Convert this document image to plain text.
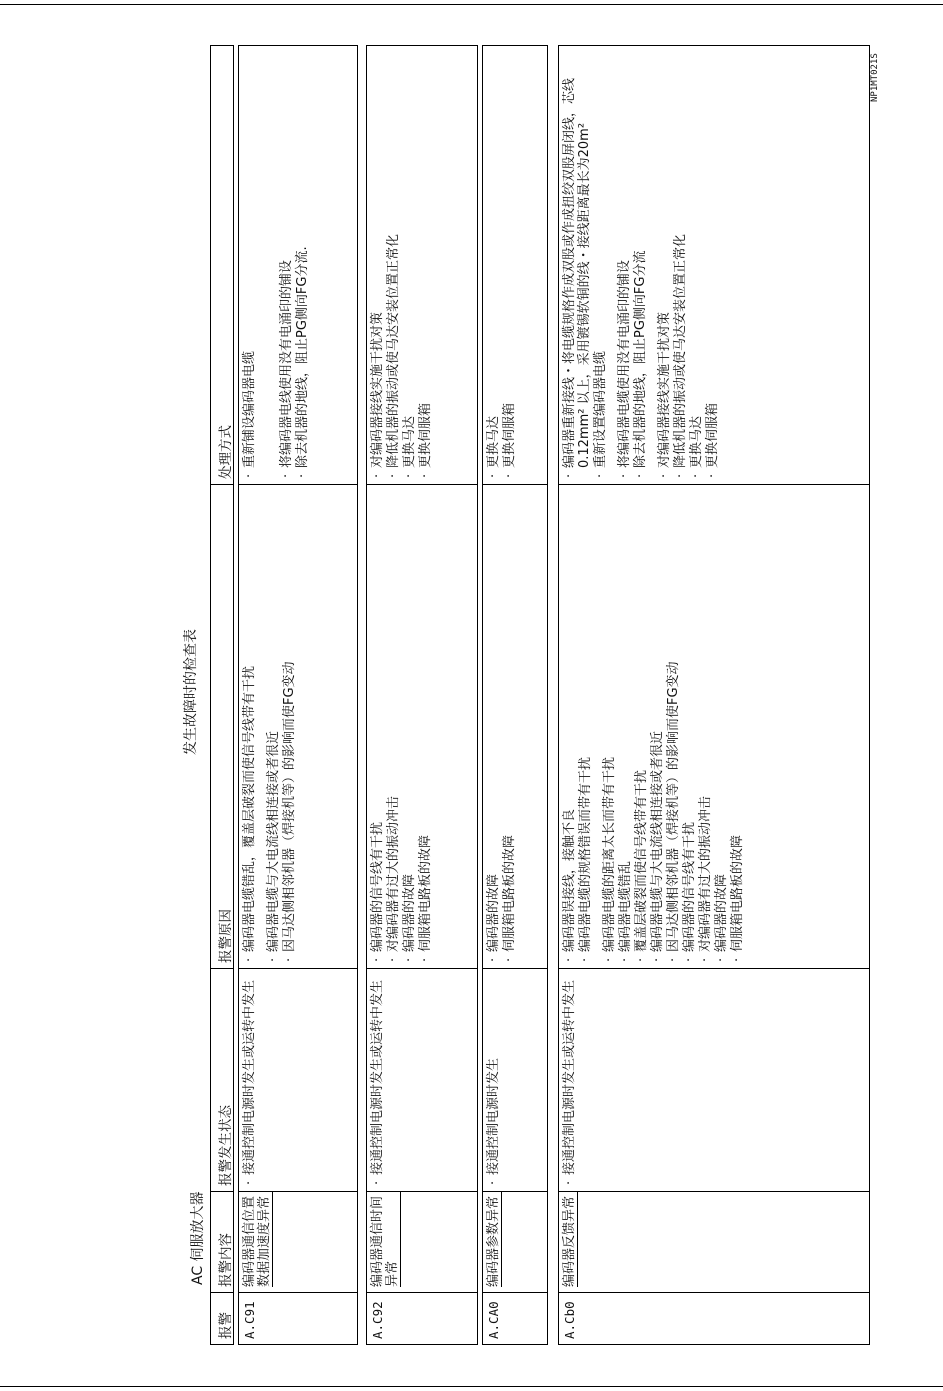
NP1MT021S
发生故障时的检查表
AC 伺服放大器
报警
报警内容
报警发生状态
报警原因
处理方式
A.C91
编码器通信位置数据加速度异常
· 接通控制电源时发生或运转中发生
· 编码器电缆错乱，覆盖层破裂而使信号线带有干扰 · 编码器电缆与大电流线相连接或者很近 · 因马达侧相邻机器（焊接机等）的影响而使FG变动
· 重新铺设编码器电缆 · 将编码器电线使用没有电涌印的铺设 · 除去机器的地线，阻止PG侧向FG分流.
A.C92
编码器通信时间异常
· 接通控制电源时发生或运转中发生
· 编码器的信号线有干扰 · 对编码器有过大的振动冲击 · 编码器的故障 · 伺服箱电路板的故障
· 对编码器接线实施干扰对策 · 降低机器的振动或使马达安装位置正常化 · 更换马达 · 更换伺服箱
A.CA0
编码器参数异常
· 接通控制电源时发生
· 编码器的故障 · 伺服箱电路板的故障
· 更换马达 · 更换伺服箱
A.Cb0
编码器反馈异常
· 接通控制电源时发生或运转中发生
· 编码器误接线，接触不良 · 编码器电缆的规格错误而带有干扰 · 编码器电缆的距离太长而带有干扰 · 编码器电缆错乱 · 覆盖层破裂而使信号线带有干扰 · 编码器电缆与大电流线相连接或者很近 · 因马达侧相邻机器（焊接机等）的影响而使FG变动 · 编码器的信号线有干扰 · 对编码器有过大的振动冲击 · 编码器的故障 · 伺服箱电路板的故障
· 编码器重新接线・将电缆规格作成双股或作成扭绞双股屏闭线，芯线0.12mm² 以上，采用镀锡软铜的线・接线距离最长为20m² · 重新设置编码器电缆 · 将编码器电缆使用没有电涌印的铺设 · 除去机器的地线，阻止PG侧向FG分流 · 对编码器接线实施干扰对策 · 降低机器的振动或使马达安装位置正常化 · 更换马达 · 更换伺服箱
